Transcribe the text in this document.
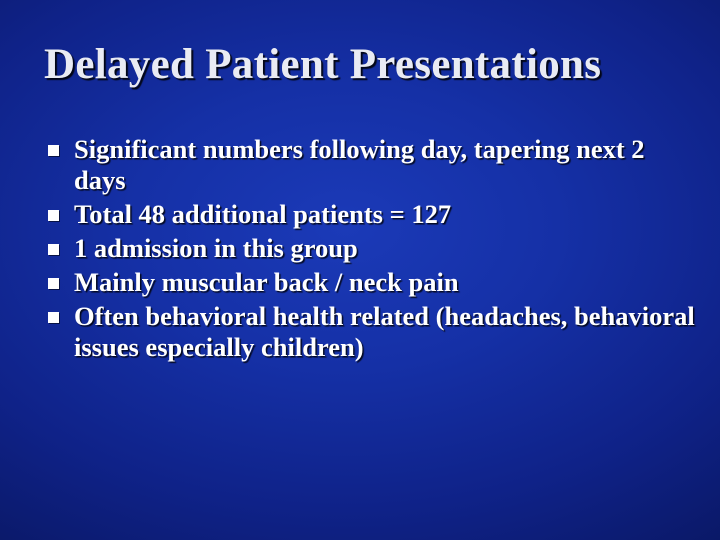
Delayed Patient Presentations
Significant numbers following day, tapering next 2 days
Total 48 additional patients = 127
1 admission in this group
Mainly muscular back / neck pain
Often behavioral health related (headaches, behavioral issues especially children)
